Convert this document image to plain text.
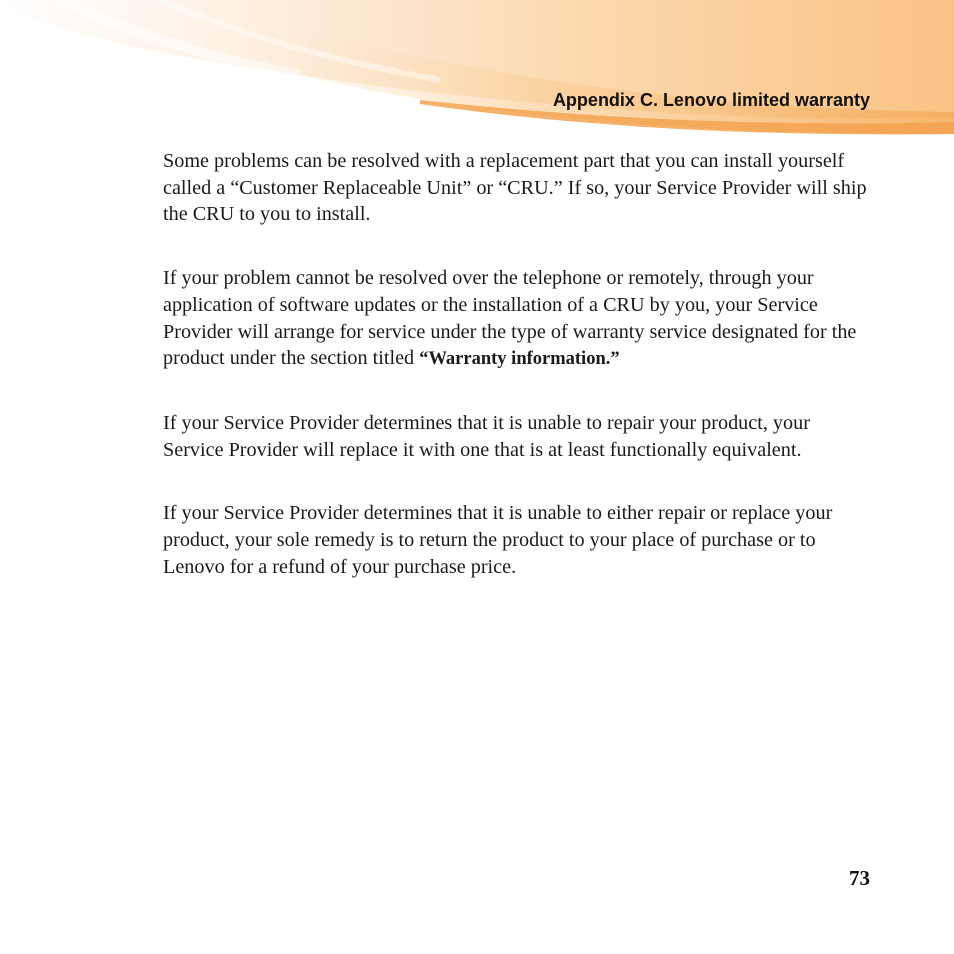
Appendix C. Lenovo limited warranty

Some problems can be resolved with a replacement part that you can install yourself called a “Customer Replaceable Unit” or “CRU.” If so, your Service Provider will ship the CRU to you to install.

If your problem cannot be resolved over the telephone or remotely, through your application of software updates or the installation of a CRU by you, your Service Provider will arrange for service under the type of warranty service designated for the product under the section titled “Warranty information.”

If your Service Provider determines that it is unable to repair your product, your Service Provider will replace it with one that is at least functionally equivalent.

If your Service Provider determines that it is unable to either repair or replace your product, your sole remedy is to return the product to your place of purchase or to Lenovo for a refund of your purchase price.

73
